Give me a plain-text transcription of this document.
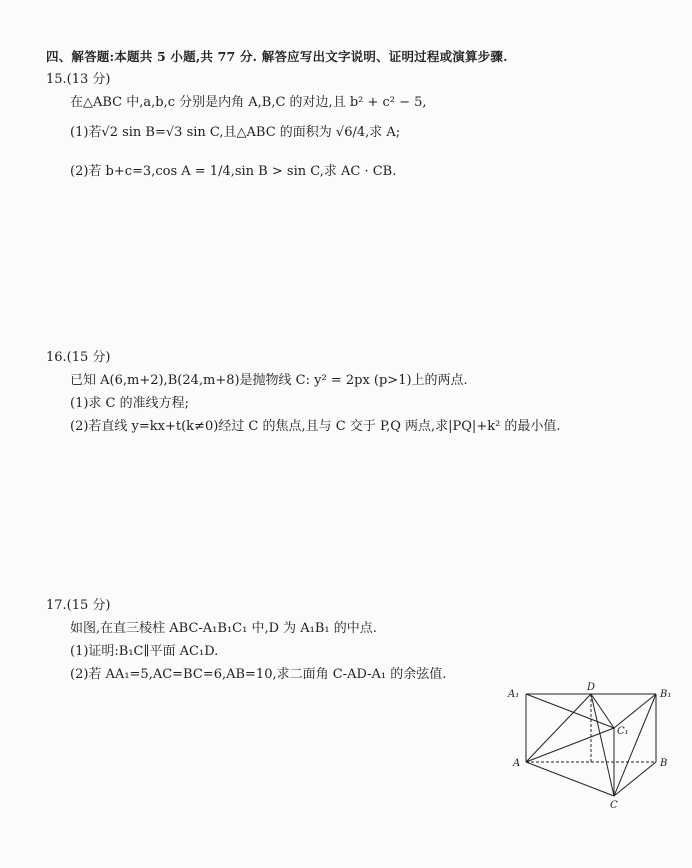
四、解答题:本题共 5 小题,共 77 分. 解答应写出文字说明、证明过程或演算步骤.
15.(13 分)
在△ABC 中,a,b,c 分别是内角 A,B,C 的对边,且 b² + c² − 5,
(1)若√2 sin B=√3 sin C,且△ABC 的面积为 √6/4,求 A;
(2)若 b+c=3,cos A = 1/4,sin B > sin C,求 AC · CB.
16.(15 分)
已知 A(6,m+2),B(24,m+8)是抛物线 C: y² = 2px (p>1)上的两点.
(1)求 C 的准线方程;
(2)若直线 y=kx+t(k≠0)经过 C 的焦点,且与 C 交于 P,Q 两点,求|PQ|+k² 的最小值.
17.(15 分)
如图,在直三棱柱 ABC-A₁B₁C₁ 中,D 为 A₁B₁ 的中点.
(1)证明:B₁C∥平面 AC₁D.
(2)若 AA₁=5,AC=BC=6,AB=10,求二面角 C-AD-A₁ 的余弦值.
A₁
D
B₁
C₁
A	B
C
